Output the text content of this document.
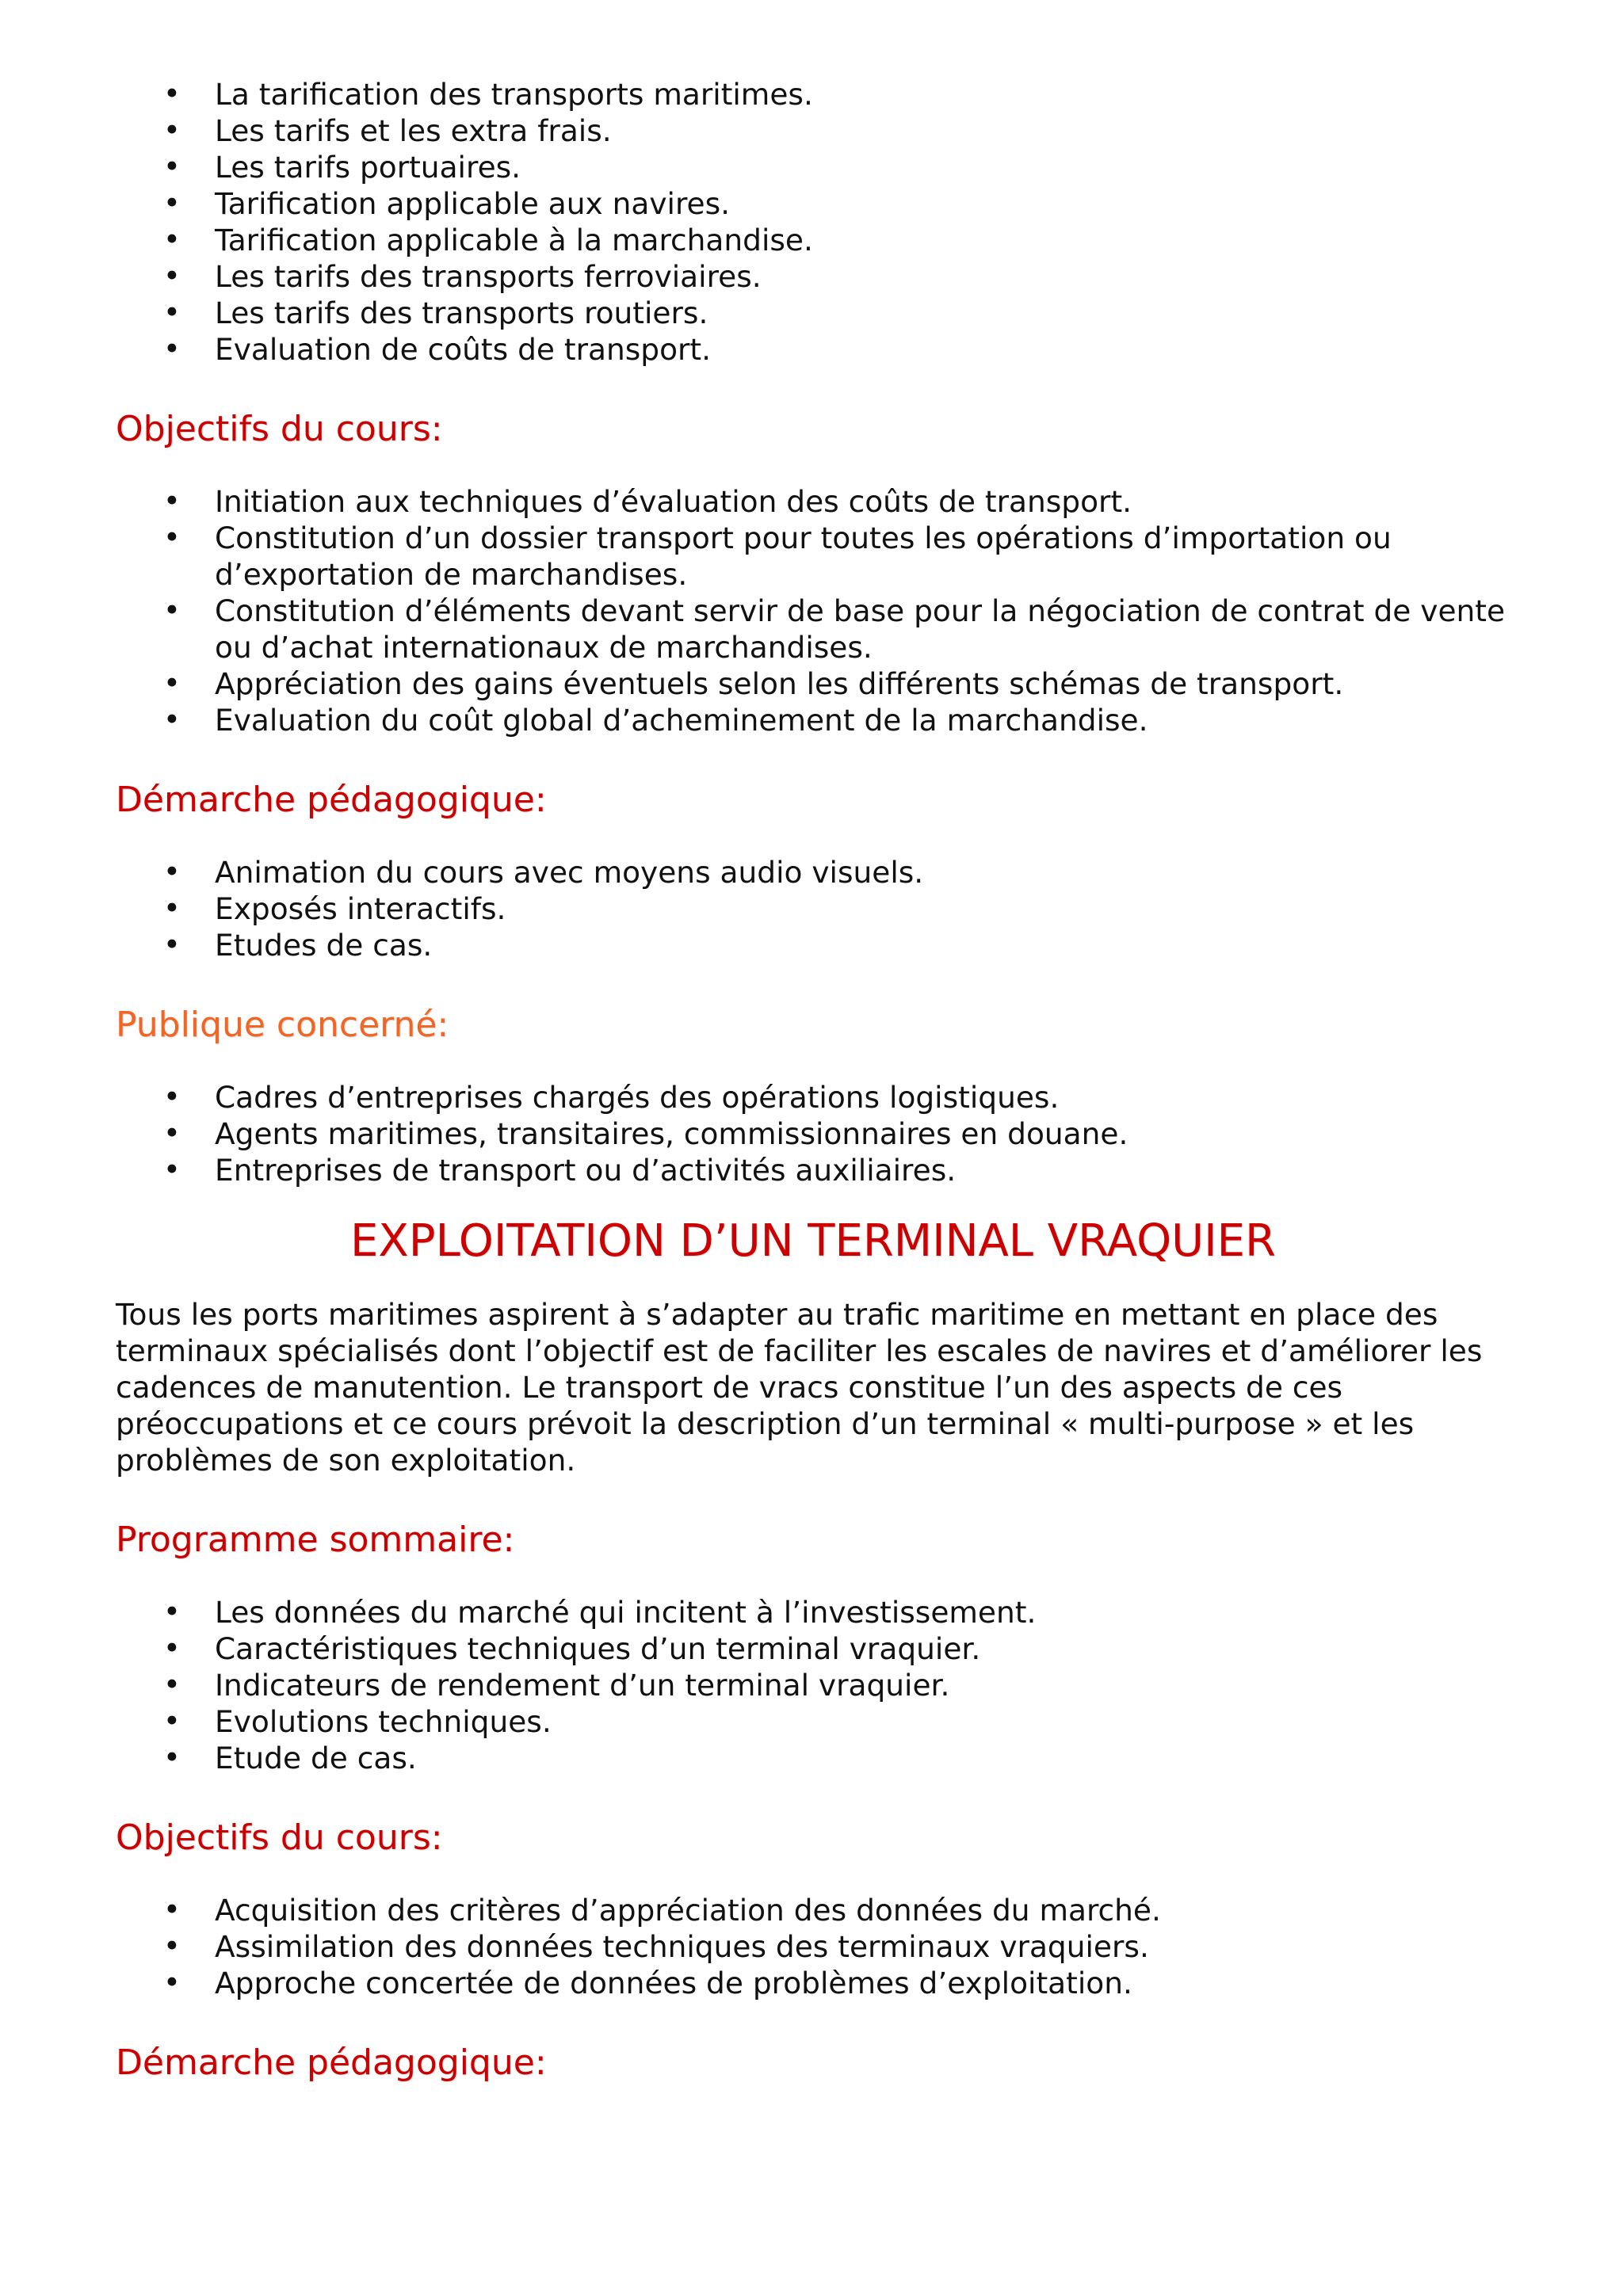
• La tarification des transports maritimes.
• Les tarifs et les extra frais.
• Les tarifs portuaires.
• Tarification applicable aux navires.
• Tarification applicable à la marchandise.
• Les tarifs des transports ferroviaires.
• Les tarifs des transports routiers.
• Evaluation de coûts de transport.
Objectifs du cours:
• Initiation aux techniques d’évaluation des coûts de transport.
• Constitution d’un dossier transport pour toutes les opérations d’importation ou d’exportation de marchandises.
• Constitution d’éléments devant servir de base pour la négociation de contrat de vente ou d’achat internationaux de marchandises.
• Appréciation des gains éventuels selon les différents schémas de transport.
• Evaluation du coût global d’acheminement de la marchandise.
Démarche pédagogique:
• Animation du cours avec moyens audio visuels.
• Exposés interactifs.
• Etudes de cas.
Publique concerné:
• Cadres d’entreprises chargés des opérations logistiques.
• Agents maritimes, transitaires, commissionnaires en douane.
• Entreprises de transport ou d’activités auxiliaires.
EXPLOITATION D’UN TERMINAL VRAQUIER

Tous les ports maritimes aspirent à s’adapter au trafic maritime en mettant en place des terminaux spécialisés dont l’objectif est de faciliter les escales de navires et d’améliorer les cadences de manutention. Le transport de vracs constitue l’un des aspects de ces préoccupations et ce cours prévoit la description d’un terminal « multi-purpose » et les problèmes de son exploitation.

Programme sommaire:
• Les données du marché qui incitent à l’investissement.
• Caractéristiques techniques d’un terminal vraquier.
• Indicateurs de rendement d’un terminal vraquier.
• Evolutions techniques.
• Etude de cas.
Objectifs du cours:
• Acquisition des critères d’appréciation des données du marché.
• Assimilation des données techniques des terminaux vraquiers.
• Approche concertée de données de problèmes d’exploitation.
Démarche pédagogique:
